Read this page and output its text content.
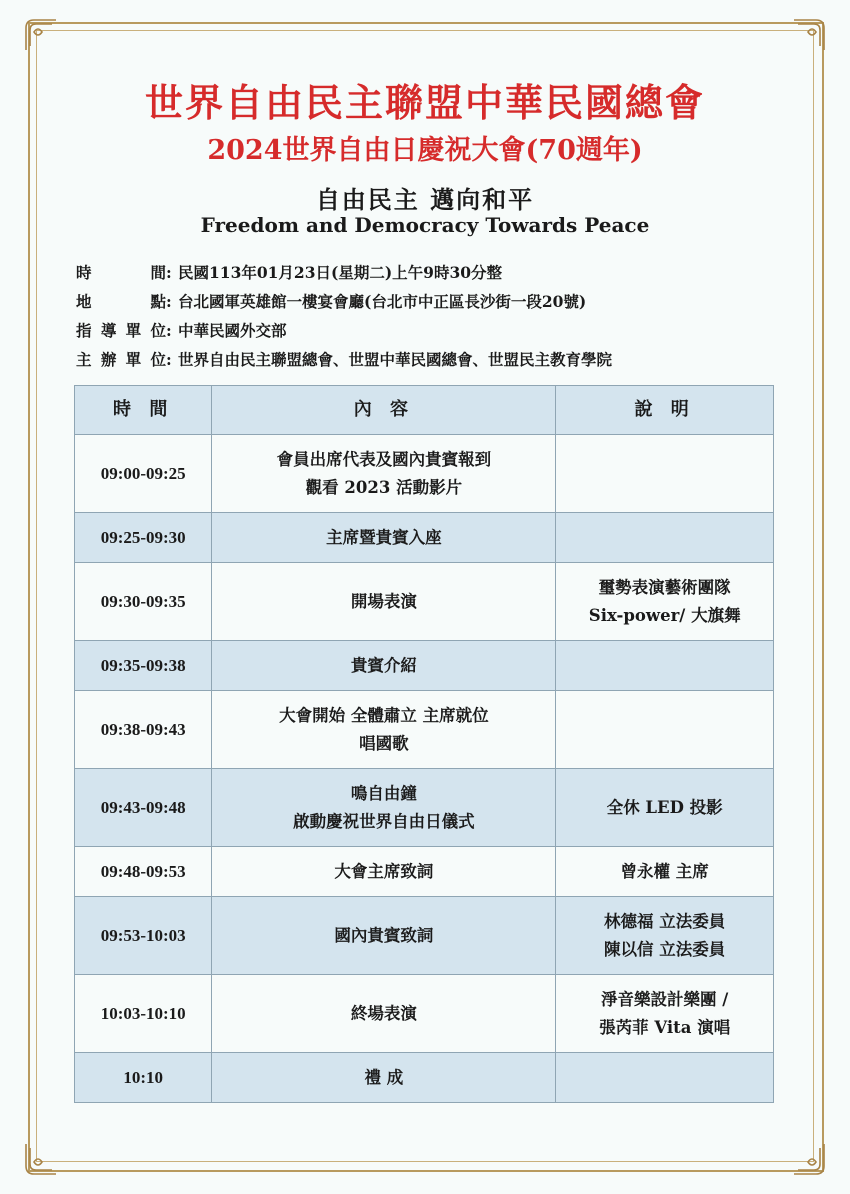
世界自由民主聯盟中華民國總會
2024世界自由日慶祝大會(70週年)
自由民主 邁向和平
Freedom and Democracy Towards Peace
時 間: 民國113年01月23日(星期二)上午9時30分整
地 點: 台北國軍英雄館一樓宴會廳(台北市中正區長沙街一段20號)
指導單位: 中華民國外交部
主辦單位: 世界自由民主聯盟總會、世盟中華民國總會、世盟民主教育學院
時 間	內 容	說 明
09:00-09:25	會員出席代表及國內貴賓報到
觀看 2023 活動影片	

09:25-09:30	主席暨貴賓入座	

09:30-09:35	開場表演	璽勢表演藝術團隊
Six-power/ 大旗舞

09:35-09:38	貴賓介紹	

09:38-09:43	大會開始 全體肅立 主席就位
唱國歌	

09:43-09:48	鳴自由鐘
啟動慶祝世界自由日儀式	全休 LED 投影

09:48-09:53	大會主席致詞	曾永權 主席

09:53-10:03	國內貴賓致詞	林德福 立法委員
陳以信 立法委員

10:03-10:10	終場表演	淨音樂設計樂團 /
張芮菲 Vita 演唱

10:10	禮 成	
